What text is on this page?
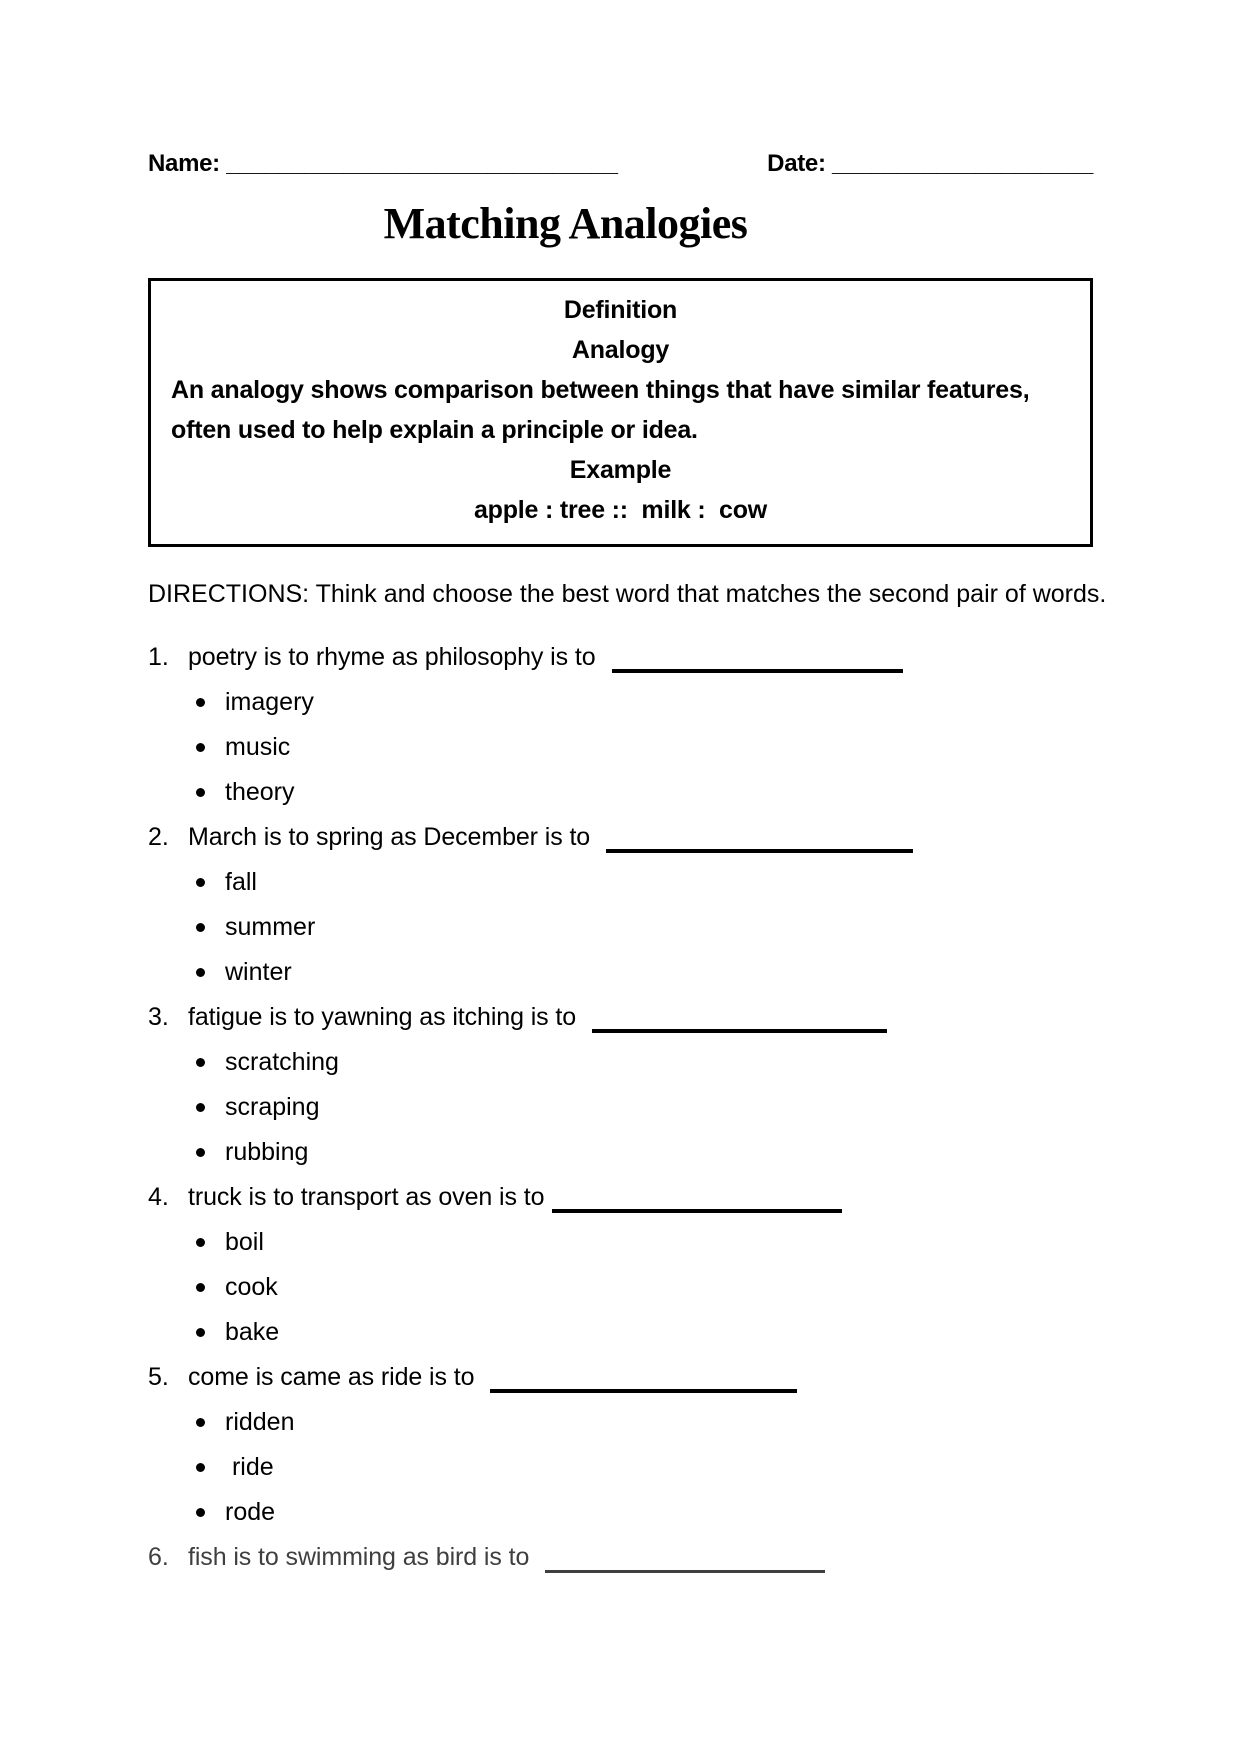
Name: ______________________________	Date: ____________________
Matching Analogies
Definition
Analogy
An analogy shows comparison between things that have similar features, often used to help explain a principle or idea.
Example
apple : tree ::  milk :  cow

DIRECTIONS: Think and choose the best word that matches the second pair of words.

1. poetry is to rhyme as philosophy is to
imagery
music
theory
2. March is to spring as December is to
fall
summer
winter
3. fatigue is to yawning as itching is to
scratching
scraping
rubbing
4. truck is to transport as oven is to
boil
cook
bake
5. come is came as ride is to
ridden
ride
rode
6. fish is to swimming as bird is to
